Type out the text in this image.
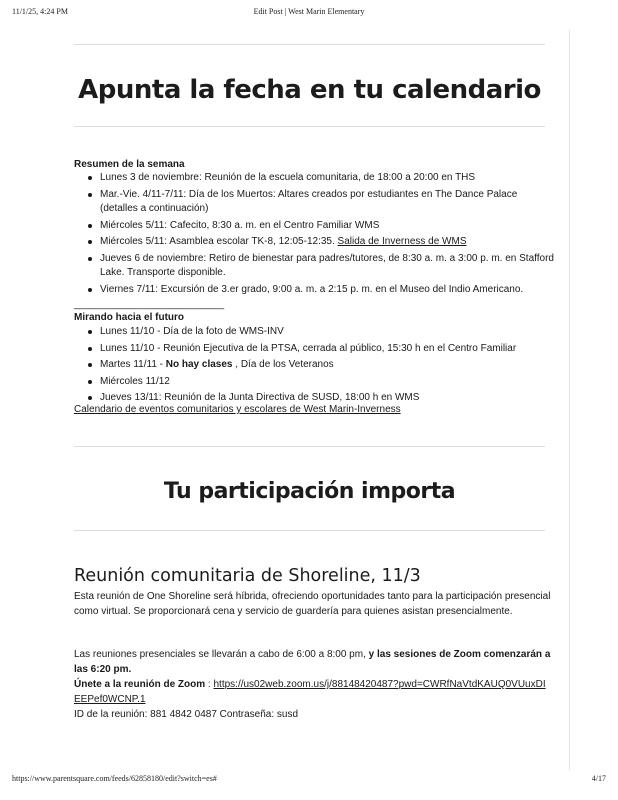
11/1/25, 4:24 PM	Edit Post | West Marin Elementary
Apunta la fecha en tu calendario

Resumen de la semana

Lunes 3 de noviembre: Reunión de la escuela comunitaria, de 18:00 a 20:00 en THS
Mar.-Vie. 4/11-7/11: Día de los Muertos: Altares creados por estudiantes en The Dance Palace (detalles a continuación)
Miércoles 5/11: Cafecito, 8:30 a. m. en el Centro Familiar WMS
Miércoles 5/11: Asamblea escolar TK-8, 12:05-12:35. Salida de Inverness de WMS
Jueves 6 de noviembre: Retiro de bienestar para padres/tutores, de 8:30 a. m. a 3:00 p. m. en Stafford Lake. Transporte disponible.
Viernes 7/11: Excursión de 3.er grado, 9:00 a. m. a 2:15 p. m. en el Museo del Indio Americano.
___________________________

Mirando hacia el futuro

Lunes 11/10 - Día de la foto de WMS-INV
Lunes 11/10 - Reunión Ejecutiva de la PTSA, cerrada al público, 15:30 h en el Centro Familiar
Martes 11/11 - No hay clases , Día de los Veteranos
Miércoles 11/12
Jueves 13/11: Reunión de la Junta Directiva de SUSD, 18:00 h en WMS
Calendario de eventos comunitarios y escolares de West Marin-Inverness
Tu participación importa
Reunión comunitaria de Shoreline, 11/3

Esta reunión de One Shoreline será híbrida, ofreciendo oportunidades tanto para la participación presencial como virtual. Se proporcionará cena y servicio de guardería para quienes asistan presencialmente.

Las reuniones presenciales se llevarán a cabo de 6:00 a 8:00 pm, y las sesiones de Zoom comenzarán a las 6:20 pm.
Únete a la reunión de Zoom : https://us02web.zoom.us/j/88148420487?pwd=CWRfNaVtdKAUQ0VUuxDIEEPef0WCNP.1
ID de la reunión: 881 4842 0487 Contraseña: susd

https://www.parentsquare.com/feeds/62858180/edit?switch=es#	4/17
